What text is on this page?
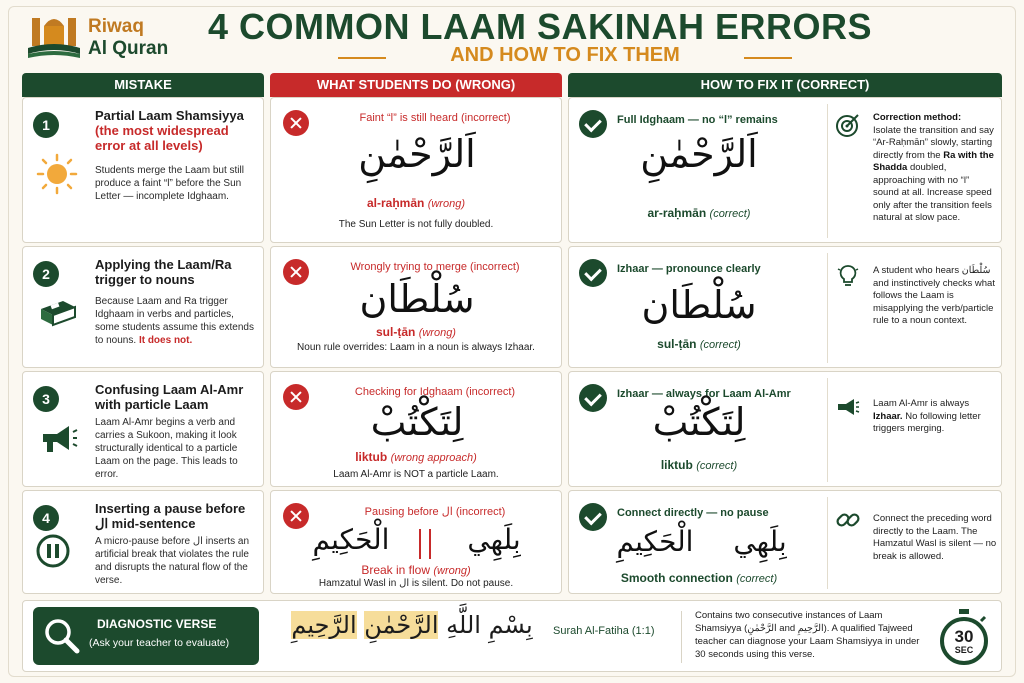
Riwaq
Al Quran
4 COMMON LAAM SAKINAH ERRORS
AND HOW TO FIX THEM
MISTAKE	WHAT STUDENTS DO (WRONG)	HOW TO FIX IT (CORRECT)
1
Partial Laam Shamsiyya
(the most widespread error at all levels)
Students merge the Laam but still produce a faint “l” before the Sun Letter — incomplete Idghaam.
Faint “l” is still heard (incorrect)
اَلرَّحْمٰنِ
al-raḥmān (wrong)
The Sun Letter is not fully doubled.
Full Idghaam — no “l” remains
اَلرَّحْمٰنِ
ar-raḥmān (correct)
Correction method:
Isolate the transition and say “Ar-Raḥmān” slowly, starting directly from the Ra with the Shadda doubled, approaching with no “l” sound at all. Increase speed only after the transition feels natural at slow pace.
2
Applying the Laam/Ra trigger to nouns
Because Laam and Ra trigger Idghaam in verbs and particles, some students assume this extends to nouns. It does not.
Wrongly trying to merge (incorrect)
سُلْطَان
sul-ṭān (wrong)
Noun rule overrides: Laam in a noun is always Izhaar.
Izhaar — pronounce clearly
سُلْطَان
sul-ṭān (correct)
A student who hears سُلْطَان and instinctively checks what follows the Laam is misapplying the verb/particle rule to a noun context.
3
Confusing Laam Al-Amr with particle Laam
Laam Al-Amr begins a verb and carries a Sukoon, making it look structurally identical to a particle Laam on the page. This leads to error.
Checking for Idghaam (incorrect)
لِتَكْتُبْ
liktub (wrong approach)
Laam Al-Amr is NOT a particle Laam.
Izhaar — always for Laam Al-Amr
لِتَكْتُبْ
liktub (correct)
Laam Al-Amr is always Izhaar. No following letter triggers merging.
4
Inserting a pause before ال mid-sentence
A micro-pause before ال inserts an artificial break that violates the rule and disrupts the natural flow of the verse.
Pausing before ال (incorrect)
الْحَكِيمِ	بِلَهِي
Break in flow (wrong)
Hamzatul Wasl in ال is silent. Do not pause.
Connect directly — no pause
الْحَكِيمِ	بِلَهِي
Smooth connection (correct)
Connect the preceding word directly to the Laam. The Hamzatul Wasl is silent — no break is allowed.
DIAGNOSTIC VERSE
(Ask your teacher to evaluate)
بِسْمِ اللَّهِ الرَّحْمٰنِ الرَّحِيمِ	Surah Al-Fatiha (1:1)
Contains two consecutive instances of Laam Shamsiyya (الرَّحْمٰنِ and الرَّحِيمِ). A qualified Tajweed teacher can diagnose your Laam Shamsiyya in under 30 seconds using this verse.
30
SEC
